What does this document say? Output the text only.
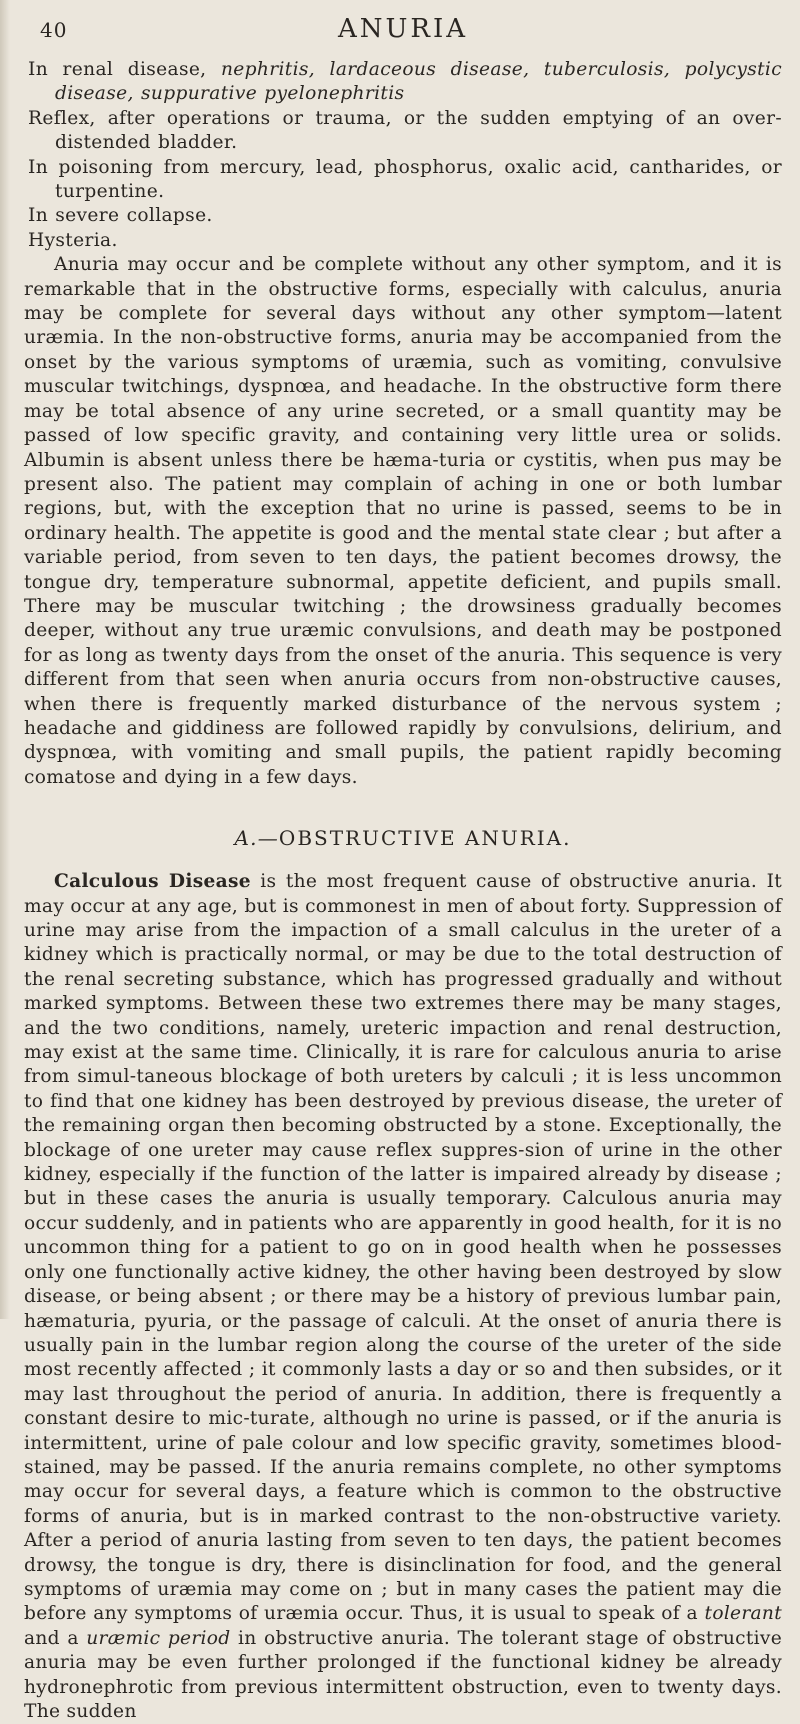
40	ANURIA
In renal disease, nephritis, lardaceous disease, tuberculosis, polycystic disease, suppurative pyelonephritis
Reflex, after operations or trauma, or the sudden emptying of an over-distended bladder.
In poisoning from mercury, lead, phosphorus, oxalic acid, cantharides, or turpentine.
In severe collapse.
Hysteria.

Anuria may occur and be complete without any other symptom, and it is remarkable that in the obstructive forms, especially with calculus, anuria may be complete for several days without any other symptom—latent uræmia. In the non-obstructive forms, anuria may be accompanied from the onset by the various symptoms of uræmia, such as vomiting, convulsive muscular twitchings, dyspnœa, and headache. In the obstructive form there may be total absence of any urine secreted, or a small quantity may be passed of low specific gravity, and containing very little urea or solids. Albumin is absent unless there be hæma-turia or cystitis, when pus may be present also. The patient may complain of aching in one or both lumbar regions, but, with the exception that no urine is passed, seems to be in ordinary health. The appetite is good and the mental state clear ; but after a variable period, from seven to ten days, the patient becomes drowsy, the tongue dry, temperature subnormal, appetite deficient, and pupils small. There may be muscular twitching ; the drowsiness gradually becomes deeper, without any true uræmic convulsions, and death may be postponed for as long as twenty days from the onset of the anuria. This sequence is very different from that seen when anuria occurs from non-obstructive causes, when there is frequently marked disturbance of the nervous system ; headache and giddiness are followed rapidly by convulsions, delirium, and dyspnœa, with vomiting and small pupils, the patient rapidly becoming comatose and dying in a few days.

A.—OBSTRUCTIVE ANURIA.

Calculous Disease is the most frequent cause of obstructive anuria. It may occur at any age, but is commonest in men of about forty. Suppression of urine may arise from the impaction of a small calculus in the ureter of a kidney which is practically normal, or may be due to the total destruction of the renal secreting substance, which has progressed gradually and without marked symptoms. Between these two extremes there may be many stages, and the two conditions, namely, ureteric impaction and renal destruction, may exist at the same time. Clinically, it is rare for calculous anuria to arise from simul-taneous blockage of both ureters by calculi ; it is less uncommon to find that one kidney has been destroyed by previous disease, the ureter of the remaining organ then becoming obstructed by a stone. Exceptionally, the blockage of one ureter may cause reflex suppres-sion of urine in the other kidney, especially if the function of the latter is impaired already by disease ; but in these cases the anuria is usually temporary. Calculous anuria may occur suddenly, and in patients who are apparently in good health, for it is no uncommon thing for a patient to go on in good health when he possesses only one functionally active kidney, the other having been destroyed by slow disease, or being absent ; or there may be a history of previous lumbar pain, hæmaturia, pyuria, or the passage of calculi. At the onset of anuria there is usually pain in the lumbar region along the course of the ureter of the side most recently affected ; it commonly lasts a day or so and then subsides, or it may last throughout the period of anuria. In addition, there is frequently a constant desire to mic-turate, although no urine is passed, or if the anuria is intermittent, urine of pale colour and low specific gravity, sometimes blood-stained, may be passed. If the anuria remains complete, no other symptoms may occur for several days, a feature which is common to the obstructive forms of anuria, but is in marked contrast to the non-obstructive variety. After a period of anuria lasting from seven to ten days, the patient becomes drowsy, the tongue is dry, there is disinclination for food, and the general symptoms of uræmia may come on ; but in many cases the patient may die before any symptoms of uræmia occur. Thus, it is usual to speak of a tolerant and a uræmic period in obstructive anuria. The tolerant stage of obstructive anuria may be even further prolonged if the functional kidney be already hydronephrotic from previous intermittent obstruction, even to twenty days. The sudden
